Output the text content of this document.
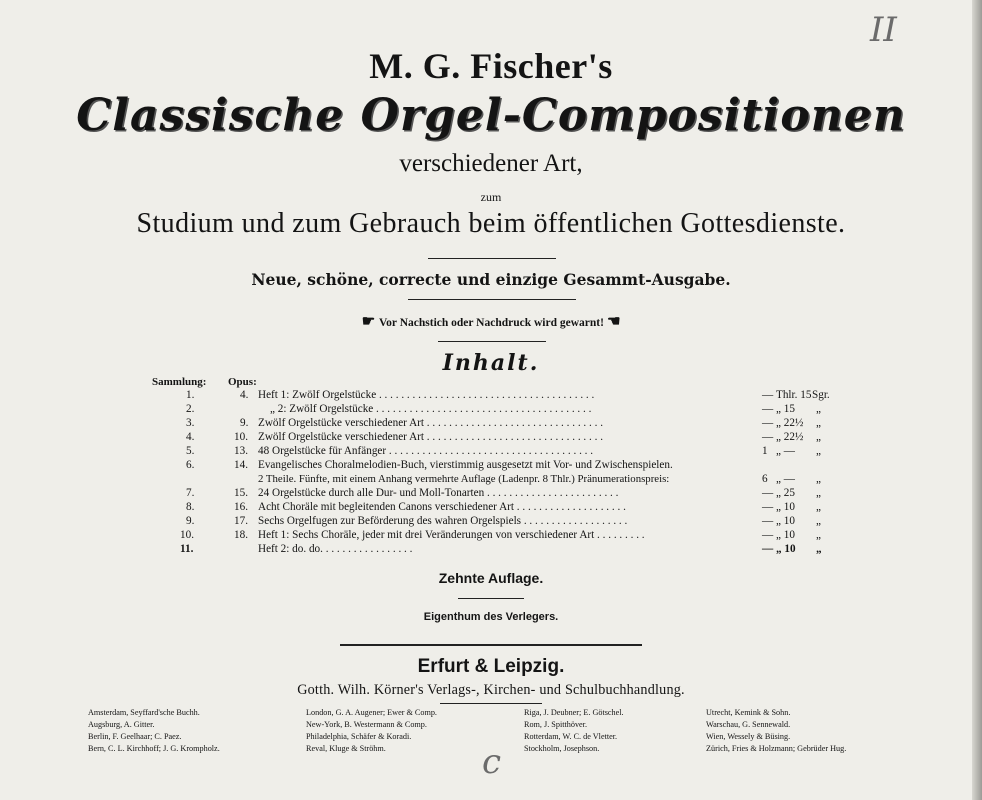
II
c
M. G. Fischer's
Classische Orgel-Compositionen
verschiedener Art,
zum
Studium und zum Gebrauch beim öffentlichen Gottesdienste.
Neue, schöne, correcte und einzige Gesammt-Ausgabe.
☛ Vor Nachstich oder Nachdruck wird gewarnt! ☛
Inhalt.
Sammlung: Opus:
1.	4. Heft 1: Zwölf Orgelstücke . . . . . . . . . . . . . . . . . . . . . . . . . . . . . . . . . . . . . . .	— Thlr. 15 Sgr.
2.	„ 2: Zwölf Orgelstücke . . . . . . . . . . . . . . . . . . . . . . . . . . . . . . . . . . . . . . .	— „ 15 „
3.	9. Zwölf Orgelstücke verschiedener Art . . . . . . . . . . . . . . . . . . . . . . . . . . . . . . . .	— „ 22½ „
4.	10. Zwölf Orgelstücke verschiedener Art . . . . . . . . . . . . . . . . . . . . . . . . . . . . . . . .	— „ 22½ „
5.	13. 48 Orgelstücke für Anfänger . . . . . . . . . . . . . . . . . . . . . . . . . . . . . . . . . . . . .	1 „ — „
6.	14. Evangelisches Choralmelodien-Buch, vierstimmig ausgesetzt mit Vor- und Zwischenspielen.
2 Theile. Fünfte, mit einem Anhang vermehrte Auflage (Ladenpr. 8 Thlr.) Pränumerationspreis:	6 „ — „
7.	15. 24 Orgelstücke durch alle Dur- und Moll-Tonarten . . . . . . . . . . . . . . . . . . . . . . . .	— „ 25 „
8.	16. Acht Choräle mit begleitenden Canons verschiedener Art . . . . . . . . . . . . . . . . . . . .	— „ 10 „
9.	17. Sechs Orgelfugen zur Beförderung des wahren Orgelspiels . . . . . . . . . . . . . . . . . . .	— „ 10 „
10.	18. Heft 1: Sechs Choräle, jeder mit drei Veränderungen von verschiedener Art . . . . . . . . .	— „ 10 „
11.	Heft 2: do. do. . . . . . . . . . . . . . . . .	— „ 10 „
Zehnte Auflage.
Eigenthum des Verlegers.
Erfurt & Leipzig.
Gotth. Wilh. Körner's Verlags-, Kirchen- und Schulbuchhandlung.
Amsterdam, Seyffard'sche Buchh.
Augsburg, A. Gitter.
Berlin, F. Geelhaar; C. Paez.
Bern, C. L. Kirchhoff; J. G. Krompholz.
London, G. A. Augener; Ewer & Comp.
New-York, B. Westermann & Comp.
Philadelphia, Schäfer & Koradi.
Reval, Kluge & Ströhm.
Riga, J. Deubner; E. Götschel.
Rom, J. Spitthöver.
Rotterdam, W. C. de Vletter.
Stockholm, Josephson.
Utrecht, Kemink & Sohn.
Warschau, G. Sennewald.
Wien, Wessely & Büsing.
Zürich, Fries & Holzmann; Gebrüder Hug.
